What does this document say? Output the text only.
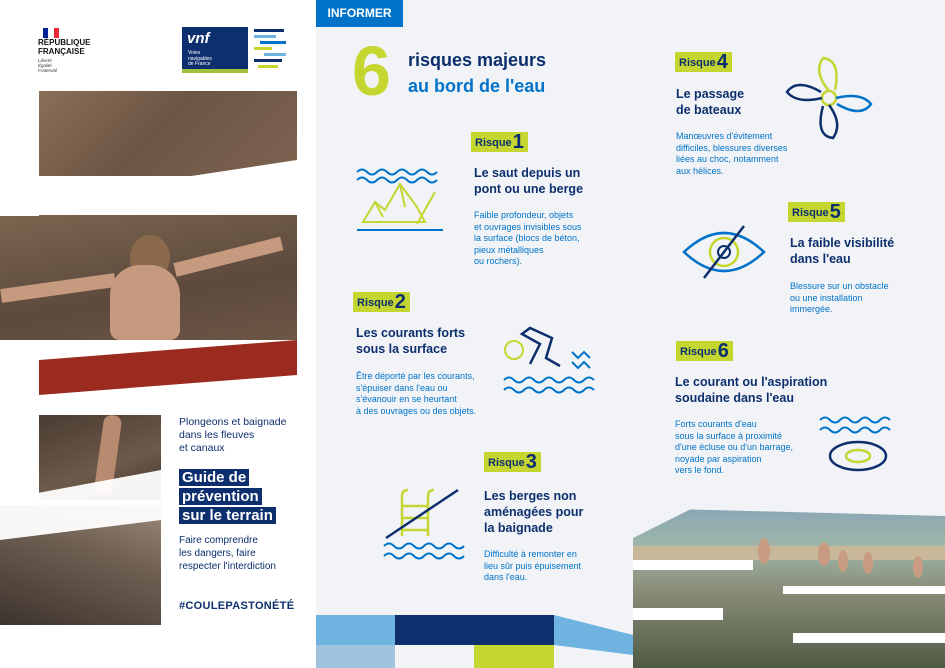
RÉPUBLIQUE
FRANÇAISE
Liberté
Égalité
Fraternité
vnf
Voies
navigables
de France
Plongeons et baignade
dans les fleuves
et canaux
Guide de
prévention
sur le terrain
Faire comprendre
les dangers, faire
respecter l'interdiction
#COULEPASTONÉTÉ
INFORMER
6 risques majeurs
au bord de l'eau
Risque1
Le saut depuis un
pont ou une berge
Faible profondeur, objets
et ouvrages invisibles sous
la surface (blocs de béton,
pieux métalliques
ou rochers).
Risque2
Les courants forts
sous la surface
Être déporté par les courants,
s'épuiser dans l'eau ou
s'évanouir en se heurtant
à des ouvrages ou des objets.
Risque3
Les berges non
aménagées pour
la baignade
Difficulté à remonter en
lieu sûr puis épuisement
dans l'eau.
Risque4
Le passage
de bateaux
Manœuvres d'évitement
difficiles, blessures diverses
liées au choc, notamment
aux hélices.
Risque5
La faible visibilité
dans l'eau
Blessure sur un obstacle
ou une installation
immergée.
Risque6
Le courant ou l'aspiration
soudaine dans l'eau
Forts courants d'eau
sous la surface à proximité
d'une écluse ou d'un barrage,
noyade par aspiration
vers le fond.
